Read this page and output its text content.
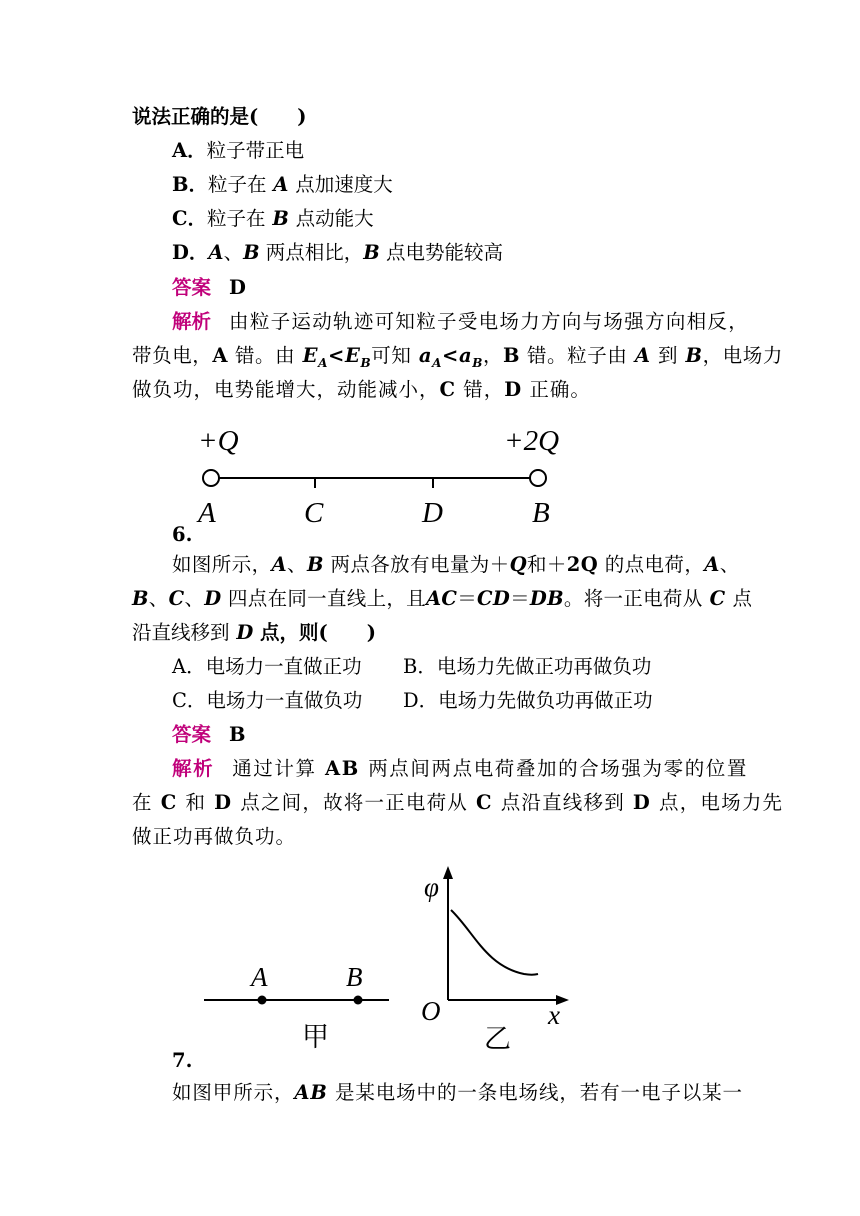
说法正确的是(　　)
A．粒子带正电
B．粒子在 A 点加速度大
C．粒子在 B 点动能大
D．A、B 两点相比，B 点电势能较高
答案 D
解析 由粒子运动轨迹可知粒子受电场力方向与场强方向相反，
带负电，A 错。由 $E_A<E_B$可知 $a_A<a_B$，B 错。粒子由 A 到 B，电场力
做负功，电势能增大，动能减小，C 错，D 正确。
+Q	+2Q
A	C	D	B
6.
如图所示，A、B 两点各放有电量为＋Q和＋2Q 的点电荷，A、
B、C、D 四点在同一直线上，且AC＝CD＝DB。将一正电荷从 C 点
沿直线移到 D 点，则(　　)
A．电场力一直做正功 B．电场力先做正功再做负功
C．电场力一直做负功 D．电场力先做负功再做正功
答案 B
解析 通过计算 AB 两点间两点电荷叠加的合场强为零的位置
在 C 和 D 点之间，故将一正电荷从 C 点沿直线移到 D 点，电场力先
做正功再做负功。
A	B
甲
φ
O	x
乙
7.
如图甲所示，AB 是某电场中的一条电场线，若有一电子以某一
